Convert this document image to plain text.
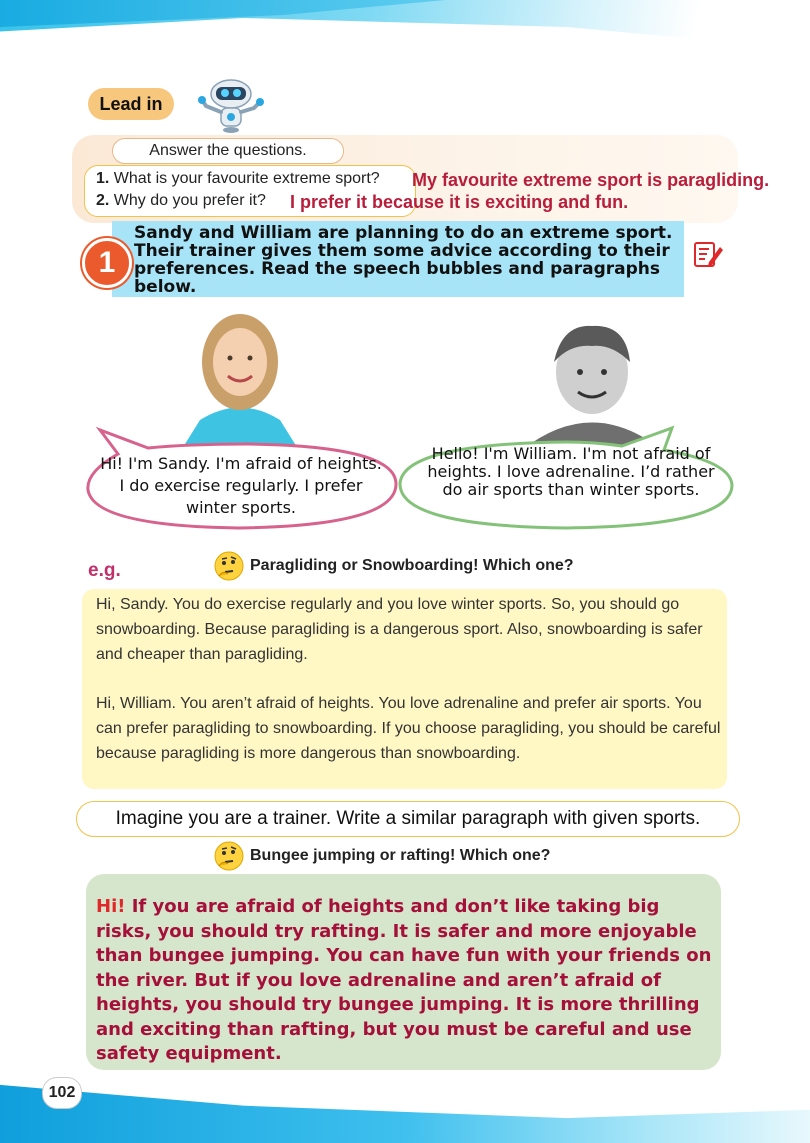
Lead in
Answer the questions.
1. What is your favourite extreme sport?
2. Why do you prefer it?
My favourite extreme sport is paragliding.
I prefer it because it is exciting and fun.
1
Sandy and William are planning to do an extreme sport. Their trainer gives them some advice according to their preferences. Read the speech bubbles and paragraphs below.
Hi! I'm Sandy. I'm afraid of heights. I do exercise regularly. I prefer winter sports.
Hello! I'm William. I'm not afraid of heights. I love adrenaline. I’d rather do air sports than winter sports.
e.g.	Paragliding or Snowboarding! Which one?
Hi, Sandy. You do exercise regularly and you love winter sports. So, you should go snowboarding. Because paragliding is a dangerous sport. Also, snowboarding is safer and cheaper than paragliding.
Hi, William. You aren’t afraid of heights. You love adrenaline and prefer air sports. You can prefer paragliding to snowboarding. If you choose paragliding, you should be careful because paragliding is more dangerous than snowboarding.
Imagine you are a trainer. Write a similar paragraph with given sports.
Bungee jumping or rafting! Which one?
Hi! If you are afraid of heights and don’t like taking big risks, you should try rafting. It is safer and more enjoyable than bungee jumping. You can have fun with your friends on the river. But if you love adrenaline and aren’t afraid of heights, you should try bungee jumping. It is more thrilling and exciting than rafting, but you must be careful and use safety equipment.
102
